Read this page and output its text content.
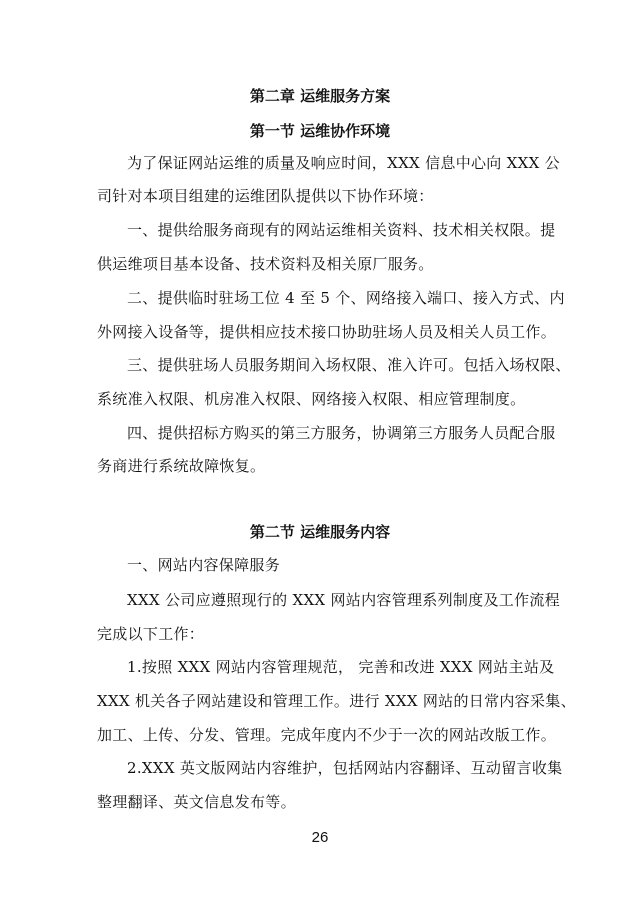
第二章 运维服务方案
第一节 运维协作环境
为了保证网站运维的质量及响应时间，XXX 信息中心向 XXX 公
司针对本项目组建的运维团队提供以下协作环境：
一、提供给服务商现有的网站运维相关资料、技术相关权限。提
供运维项目基本设备、技术资料及相关原厂服务。
二、提供临时驻场工位 4 至 5 个、网络接入端口、接入方式、内
外网接入设备等，提供相应技术接口协助驻场人员及相关人员工作。
三、提供驻场人员服务期间入场权限、准入许可。包括入场权限、
系统准入权限、机房准入权限、网络接入权限、相应管理制度。
四、提供招标方购买的第三方服务，协调第三方服务人员配合服
务商进行系统故障恢复。
第二节 运维服务内容
一、网站内容保障服务
XXX 公司应遵照现行的 XXX 网站内容管理系列制度及工作流程
完成以下工作：
1.按照 XXX 网站内容管理规范， 完善和改进 XXX 网站主站及
XXX 机关各子网站建设和管理工作。进行 XXX 网站的日常内容采集、
加工、上传、分发、管理。完成年度内不少于一次的网站改版工作。
2.XXX 英文版网站内容维护，包括网站内容翻译、互动留言收集
整理翻译、英文信息发布等。
26
